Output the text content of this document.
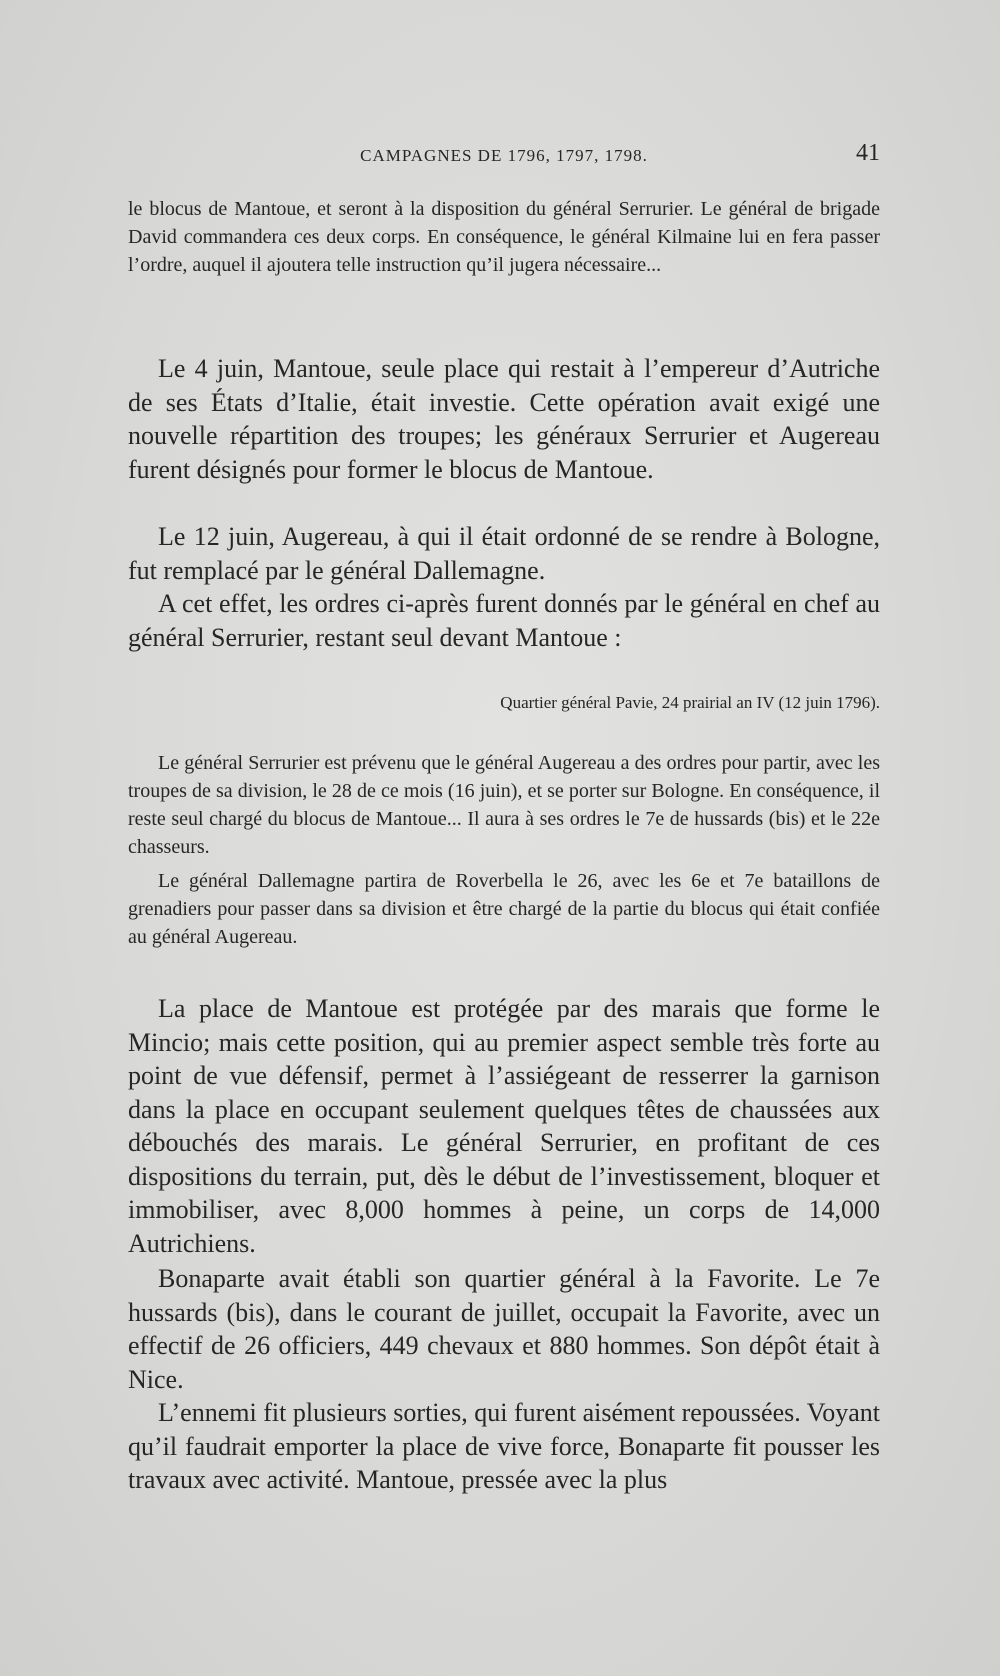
CAMPAGNES DE 1796, 1797, 1798.	41

le blocus de Mantoue, et seront à la disposition du général Serrurier. Le général de brigade David commandera ces deux corps. En conséquence, le général Kilmaine lui en fera passer l’ordre, auquel il ajoutera telle instruction qu’il jugera nécessaire...

Le 4 juin, Mantoue, seule place qui restait à l’empereur d’Autriche de ses États d’Italie, était investie. Cette opération avait exigé une nouvelle répartition des troupes; les généraux Serrurier et Augereau furent désignés pour former le blocus de Mantoue.

Le 12 juin, Augereau, à qui il était ordonné de se rendre à Bologne, fut remplacé par le général Dallemagne.

A cet effet, les ordres ci-après furent donnés par le général en chef au général Serrurier, restant seul devant Mantoue :

Quartier général Pavie, 24 prairial an IV (12 juin 1796).

Le général Serrurier est prévenu que le général Augereau a des ordres pour partir, avec les troupes de sa division, le 28 de ce mois (16 juin), et se porter sur Bologne. En conséquence, il reste seul chargé du blocus de Mantoue... Il aura à ses ordres le 7e de hussards (bis) et le 22e chasseurs.

Le général Dallemagne partira de Roverbella le 26, avec les 6e et 7e bataillons de grenadiers pour passer dans sa division et être chargé de la partie du blocus qui était confiée au général Augereau.

La place de Mantoue est protégée par des marais que forme le Mincio; mais cette position, qui au premier aspect semble très forte au point de vue défensif, permet à l’assiégeant de resserrer la garnison dans la place en occupant seulement quelques têtes de chaussées aux débouchés des marais. Le général Serrurier, en profitant de ces dispositions du terrain, put, dès le début de l’investissement, bloquer et immobiliser, avec 8,000 hommes à peine, un corps de 14,000 Autrichiens.

Bonaparte avait établi son quartier général à la Favorite. Le 7e hussards (bis), dans le courant de juillet, occupait la Favorite, avec un effectif de 26 officiers, 449 chevaux et 880 hommes. Son dépôt était à Nice.

L’ennemi fit plusieurs sorties, qui furent aisément repoussées. Voyant qu’il faudrait emporter la place de vive force, Bonaparte fit pousser les travaux avec activité. Mantoue, pressée avec la plus
